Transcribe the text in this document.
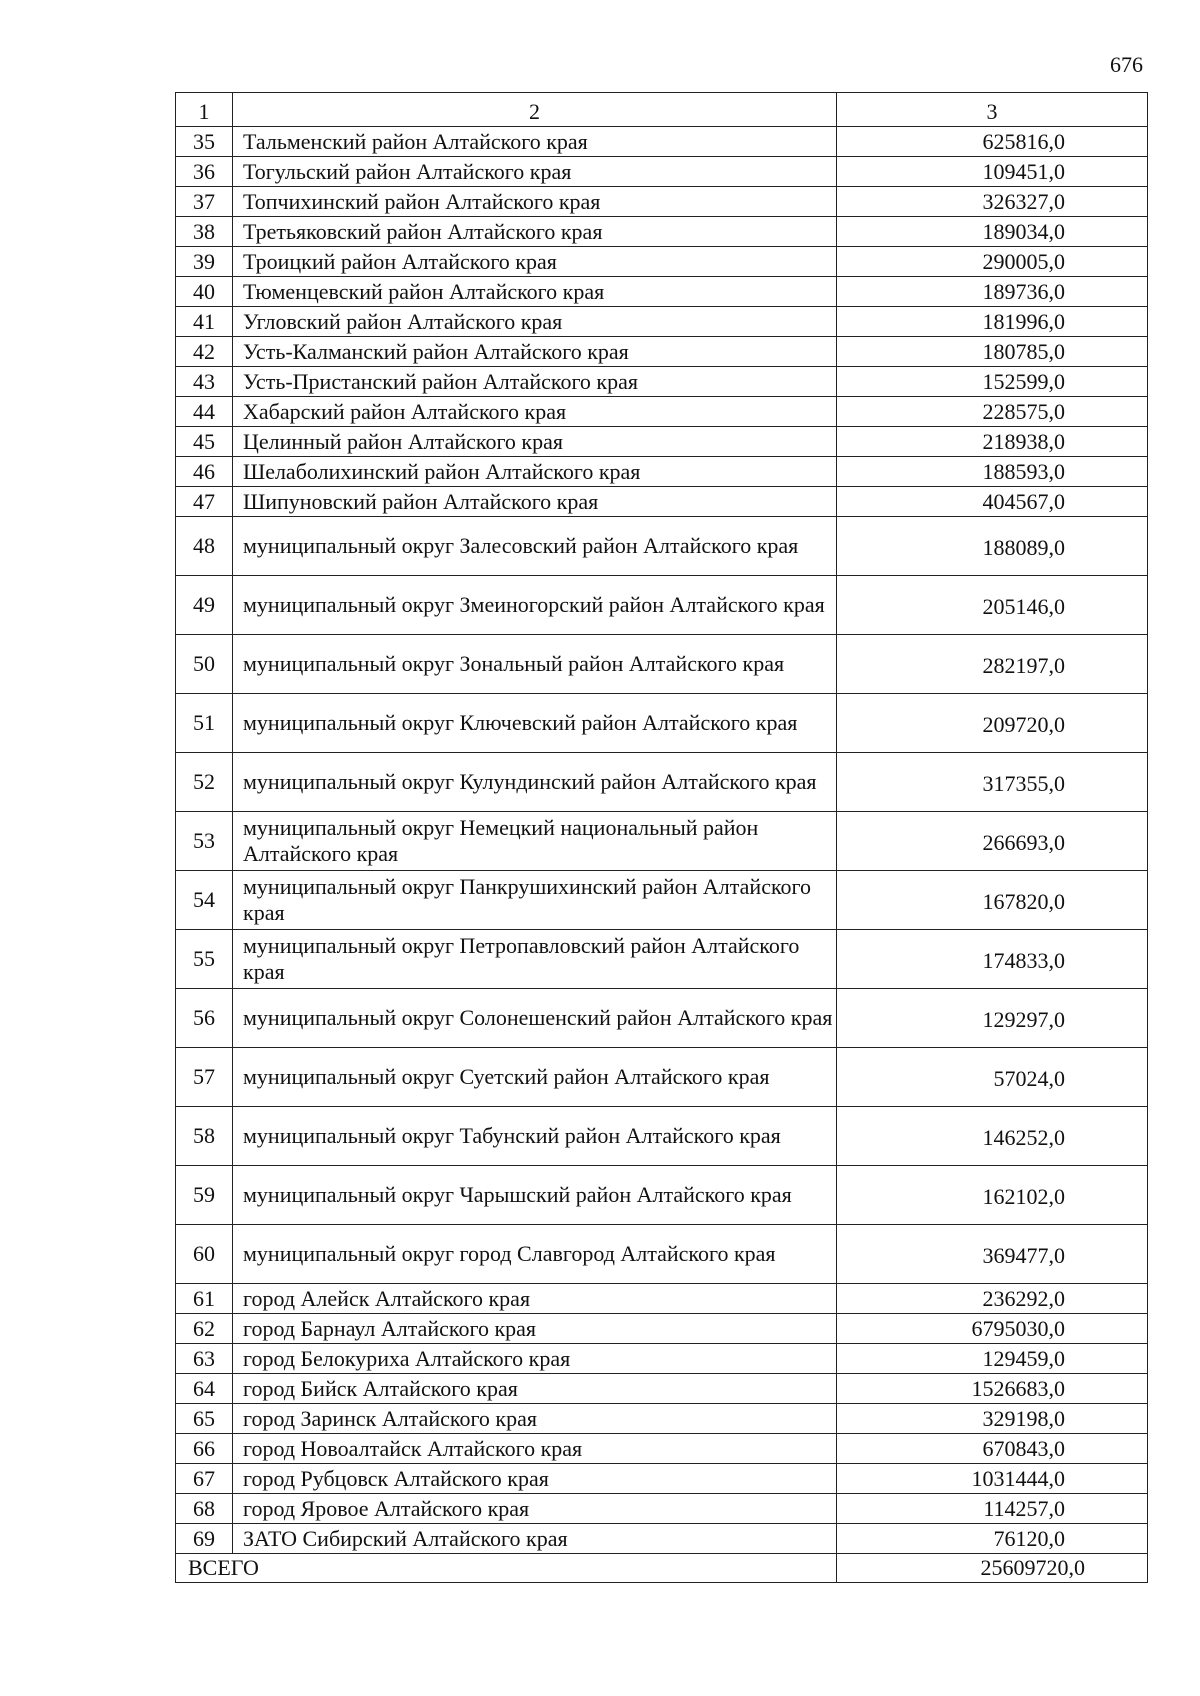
676
1	2	3
35	Тальменский район Алтайского края	625816,0
36	Тогульский район Алтайского края	109451,0
37	Топчихинский район Алтайского края	326327,0
38	Третьяковский район Алтайского края	189034,0
39	Троицкий район Алтайского края	290005,0
40	Тюменцевский район Алтайского края	189736,0
41	Угловский район Алтайского края	181996,0
42	Усть-Калманский район Алтайского края	180785,0
43	Усть-Пристанский район Алтайского края	152599,0
44	Хабарский район Алтайского края	228575,0
45	Целинный район Алтайского края	218938,0
46	Шелаболихинский район Алтайского края	188593,0
47	Шипуновский район Алтайского края	404567,0
48	муниципальный округ Залесовский район Алтайского края	188089,0
49	муниципальный округ Змеиногорский район Алтайского края	205146,0
50	муниципальный округ Зональный район Алтайского края	282197,0
51	муниципальный округ Ключевский район Алтайского края	209720,0
52	муниципальный округ Кулундинский район Алтайского края	317355,0
53	муниципальный округ Немецкий национальный район Алтайского края	266693,0
54	муниципальный округ Панкрушихинский район Алтайского края	167820,0
55	муниципальный округ Петропавловский район Алтайского края	174833,0
56	муниципальный округ Солонешенский район Алтайского края	129297,0
57	муниципальный округ Суетский район Алтайского края	57024,0
58	муниципальный округ Табунский район Алтайского края	146252,0
59	муниципальный округ Чарышский район Алтайского края	162102,0
60	муниципальный округ город Славгород Алтайского края	369477,0
61	город Алейск Алтайского края	236292,0
62	город Барнаул Алтайского края	6795030,0
63	город Белокуриха Алтайского края	129459,0
64	город Бийск Алтайского края	1526683,0
65	город Заринск Алтайского края	329198,0
66	город Новоалтайск Алтайского края	670843,0
67	город Рубцовск Алтайского края	1031444,0
68	город Яровое Алтайского края	114257,0
69	ЗАТО Сибирский Алтайского края	76120,0
ВСЕГО		25609720,0
